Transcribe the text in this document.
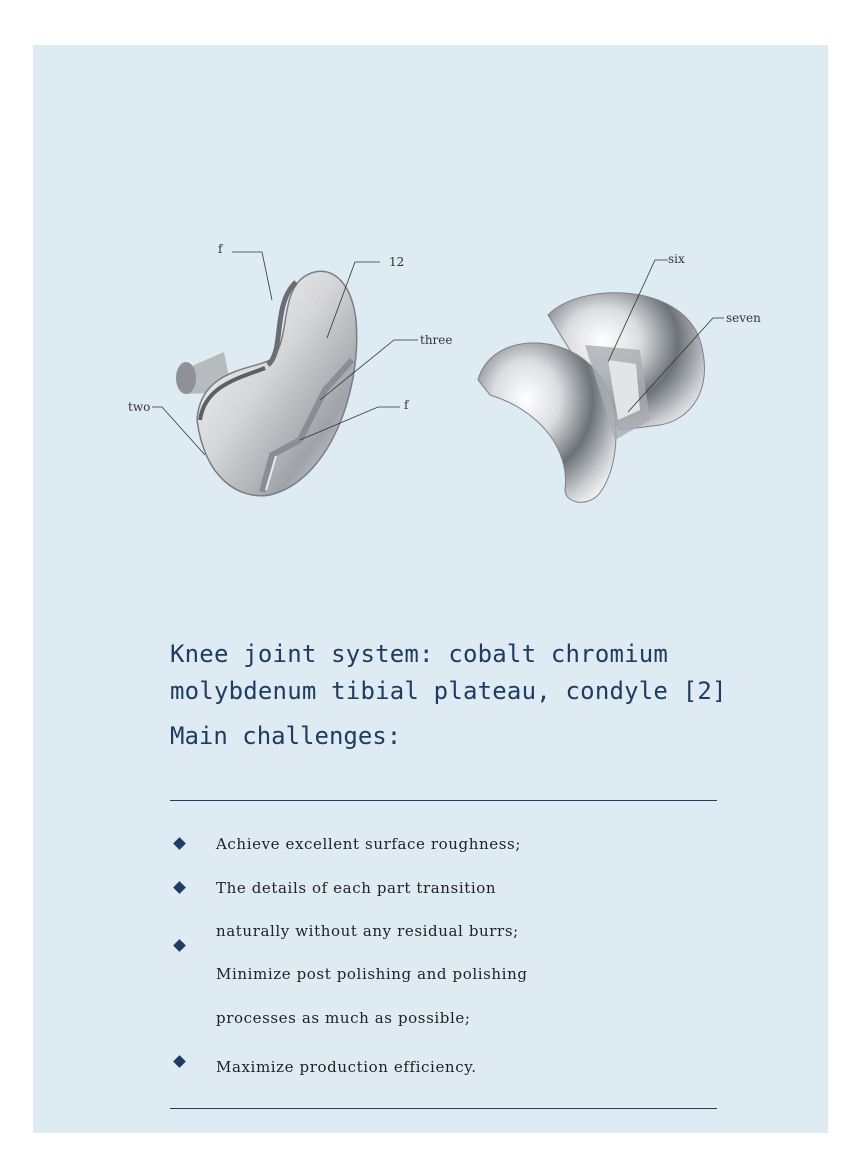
f
12
three
two	f
six
seven
Knee joint system: cobalt chromium molybdenum tibial plateau, condyle [2]
Main challenges:
Achieve excellent surface roughness;
The details of each part transition
naturally without any residual burrs;
Minimize post polishing and polishing
processes as much as possible;
Maximize production efficiency.
